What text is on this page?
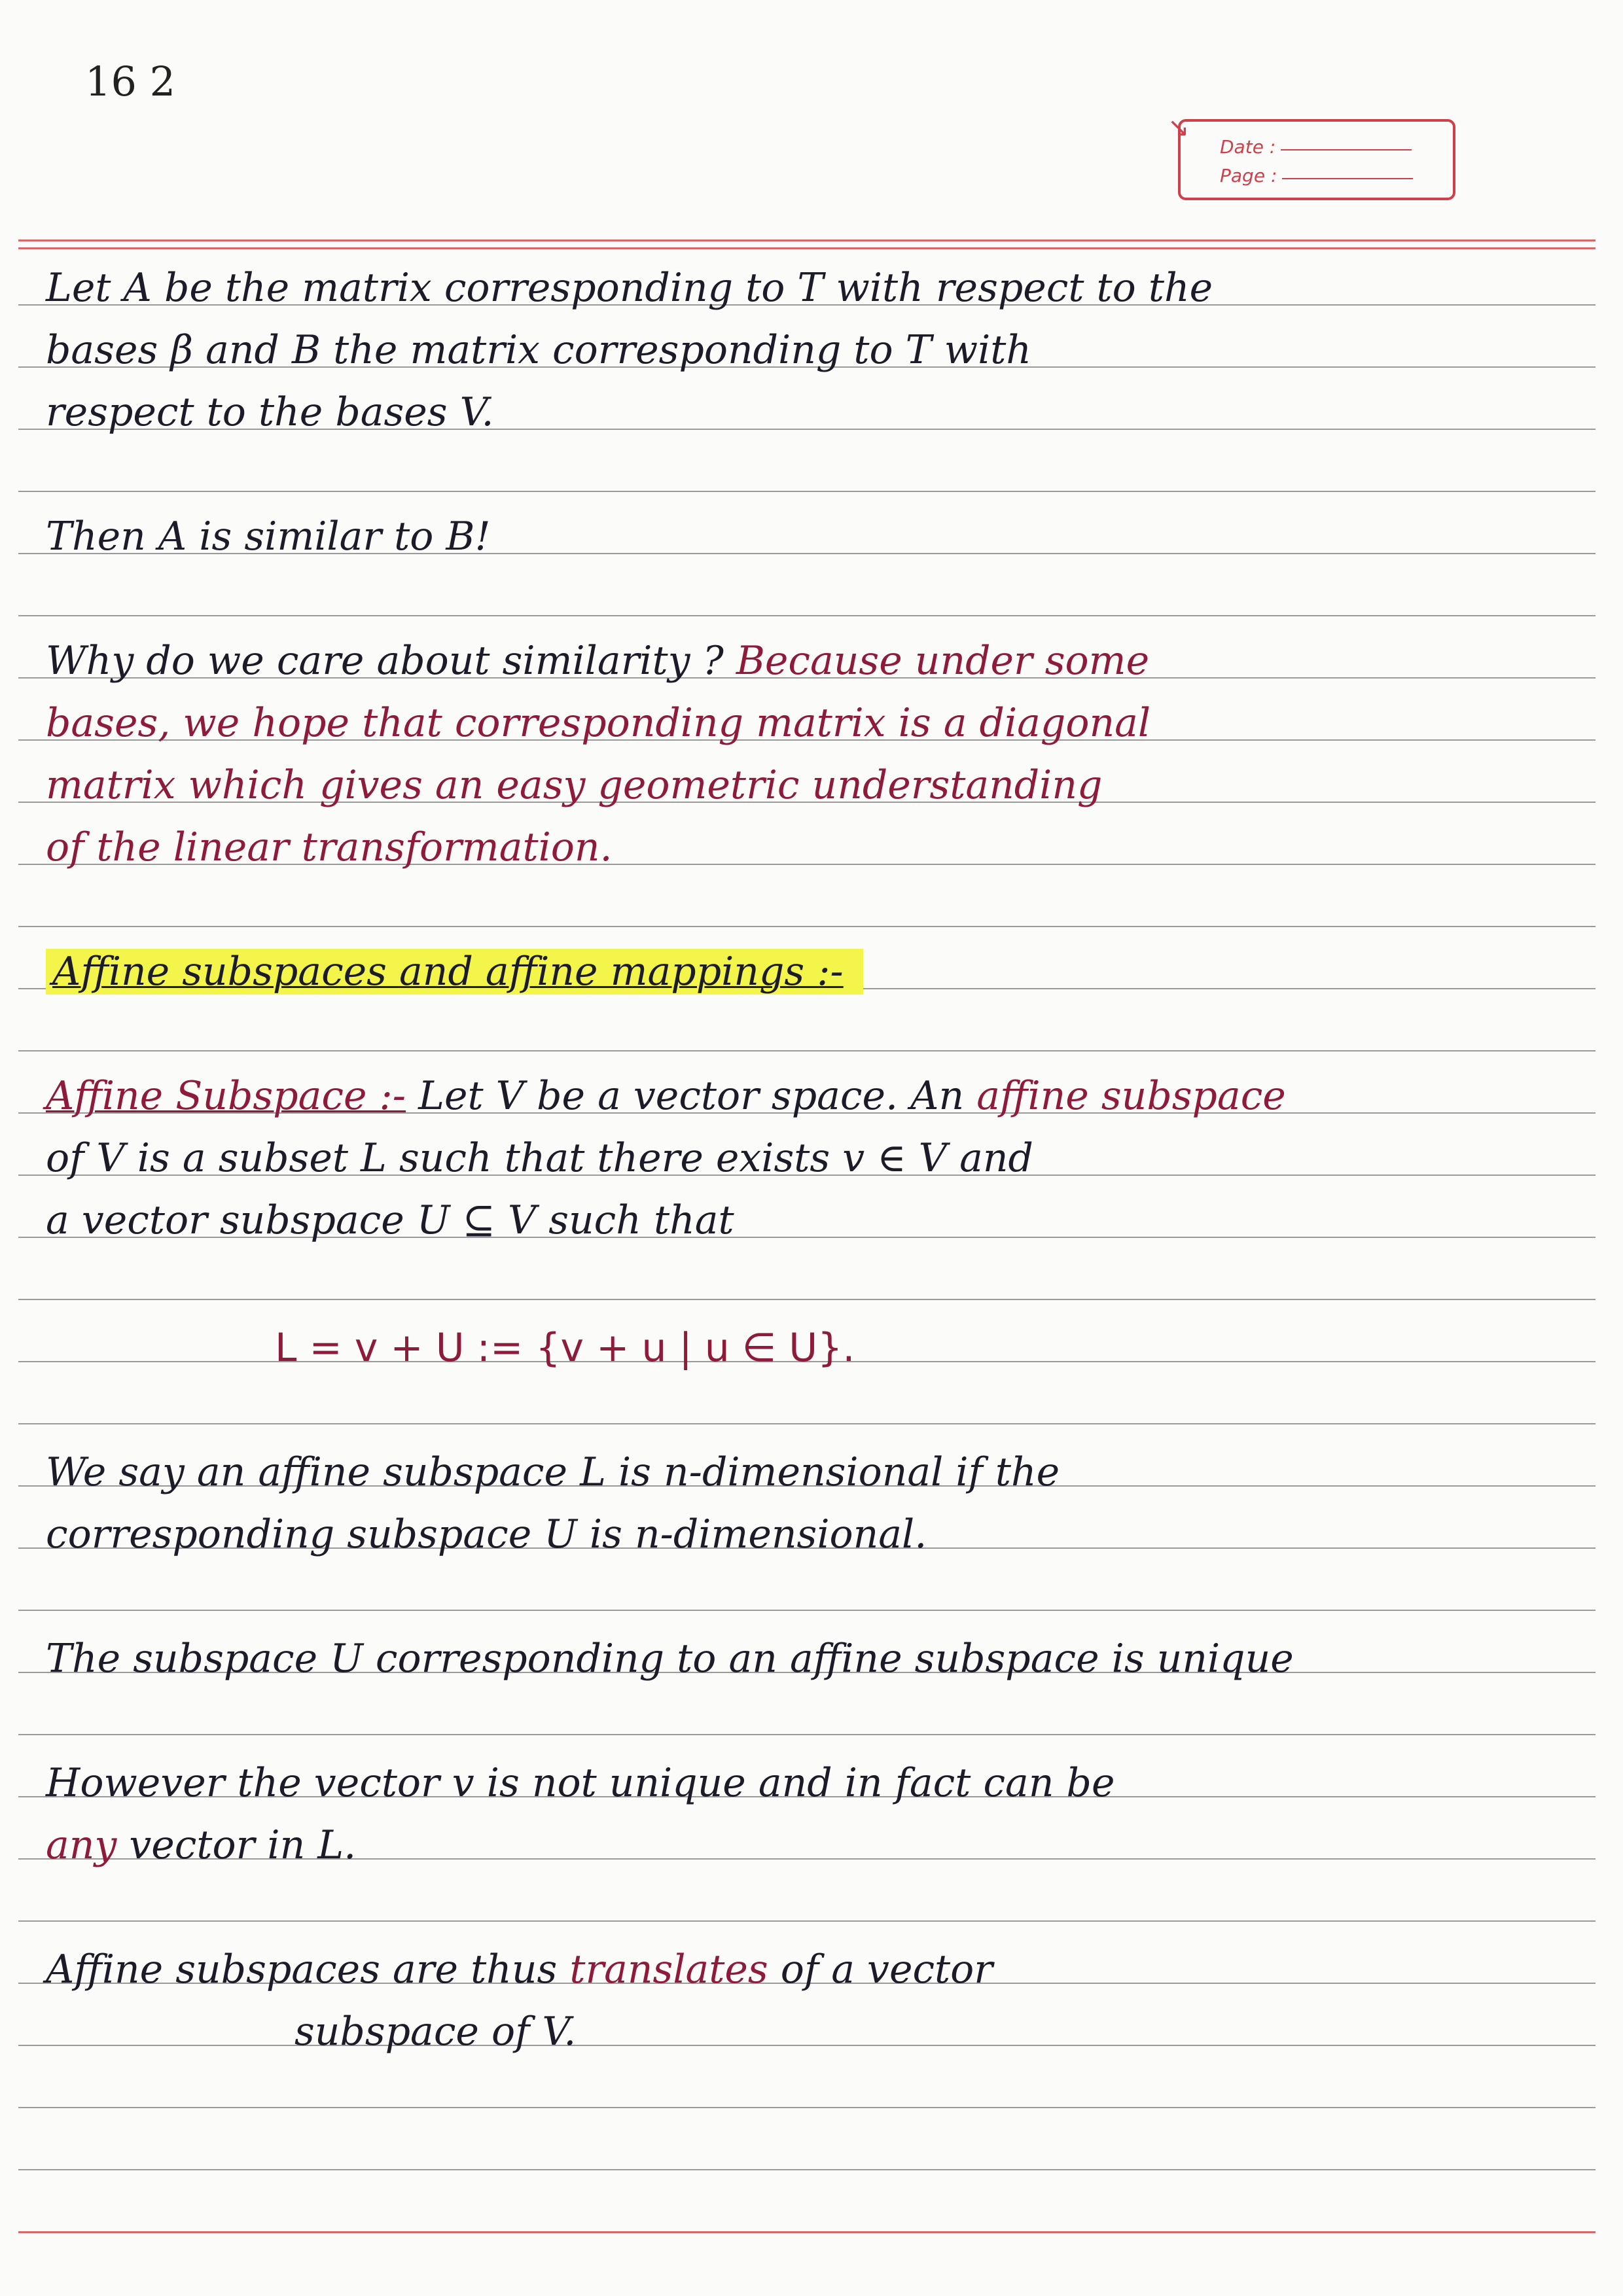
16 2
↘
Date :
Page :
Let A be the matrix corresponding to T with respect to the
bases β and B the matrix corresponding to T with
respect to the bases V.
Then A is similar to B!
Why do we care about similarity ? Because under some
bases, we hope that corresponding matrix is a diagonal
matrix which gives an easy geometric understanding
of the linear transformation.
Affine subspaces and affine mappings :-
Affine Subspace :- Let V be a vector space. An affine subspace
of V is a subset L such that there exists v ∈ V and
a vector subspace U ⊆ V such that
L = v + U := {v + u | u ∈ U}.
We say an affine subspace L is n-dimensional if the
corresponding subspace U is n-dimensional.
The subspace U corresponding to an affine subspace is unique
However the vector v is not unique and in fact can be
any vector in L.
Affine subspaces are thus translates of a vector
subspace of V.
